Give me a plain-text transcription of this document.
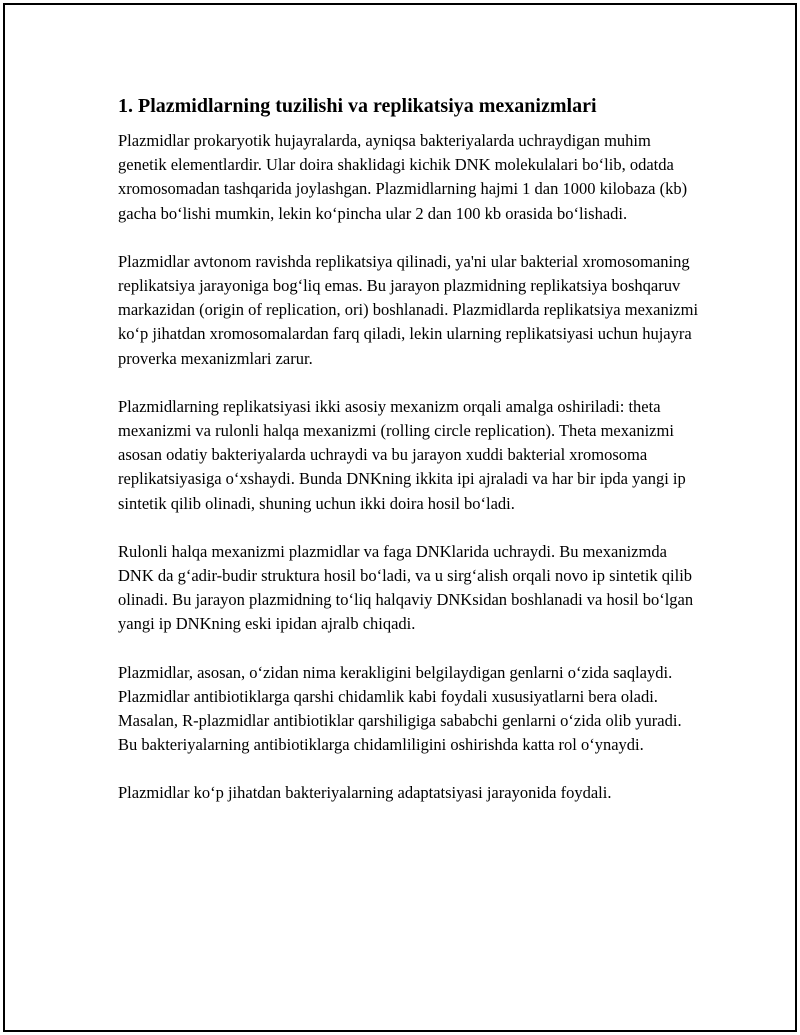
1. Plazmidlarning tuzilishi va replikatsiya mexanizmlari

Plazmidlar prokaryotik hujayralarda, ayniqsa bakteriyalarda uchraydigan muhim genetik elementlardir. Ular doira shaklidagi kichik DNK molekulalari bo‘lib, odatda xromosomadan tashqarida joylashgan. Plazmidlarning hajmi 1 dan 1000 kilobaza (kb) gacha bo‘lishi mumkin, lekin ko‘pincha ular 2 dan 100 kb orasida bo‘lishadi.

Plazmidlar avtonom ravishda replikatsiya qilinadi, ya'ni ular bakterial xromosomaning replikatsiya jarayoniga bog‘liq emas. Bu jarayon plazmidning replikatsiya boshqaruv markazidan (origin of replication, ori) boshlanadi. Plazmidlarda replikatsiya mexanizmi ko‘p jihatdan xromosomalardan farq qiladi, lekin ularning replikatsiyasi uchun hujayra proverka mexanizmlari zarur.

Plazmidlarning replikatsiyasi ikki asosiy mexanizm orqali amalga oshiriladi: theta mexanizmi va rulonli halqa mexanizmi (rolling circle replication). Theta mexanizmi asosan odatiy bakteriyalarda uchraydi va bu jarayon xuddi bakterial xromosoma replikatsiyasiga o‘xshaydi. Bunda DNKning ikkita ipi ajraladi va har bir ipda yangi ip sintetik qilib olinadi, shuning uchun ikki doira hosil bo‘ladi.

Rulonli halqa mexanizmi plazmidlar va faga DNKlarida uchraydi. Bu mexanizmda DNK da g‘adir-budir struktura hosil bo‘ladi, va u sirg‘alish orqali novo ip sintetik qilib olinadi. Bu jarayon plazmidning to‘liq halqaviy DNKsidan boshlanadi va hosil bo‘lgan yangi ip DNKning eski ipidan ajralb chiqadi.

Plazmidlar, asosan, o‘zidan nima kerakligini belgilaydigan genlarni o‘zida saqlaydi. Plazmidlar antibiotiklarga qarshi chidamlik kabi foydali xususiyatlarni bera oladi. Masalan, R-plazmidlar antibiotiklar qarshiligiga sababchi genlarni o‘zida olib yuradi. Bu bakteriyalarning antibiotiklarga chidamliligini oshirishda katta rol o‘ynaydi.

Plazmidlar ko‘p jihatdan bakteriyalarning adaptatsiyasi jarayonida foydali.
